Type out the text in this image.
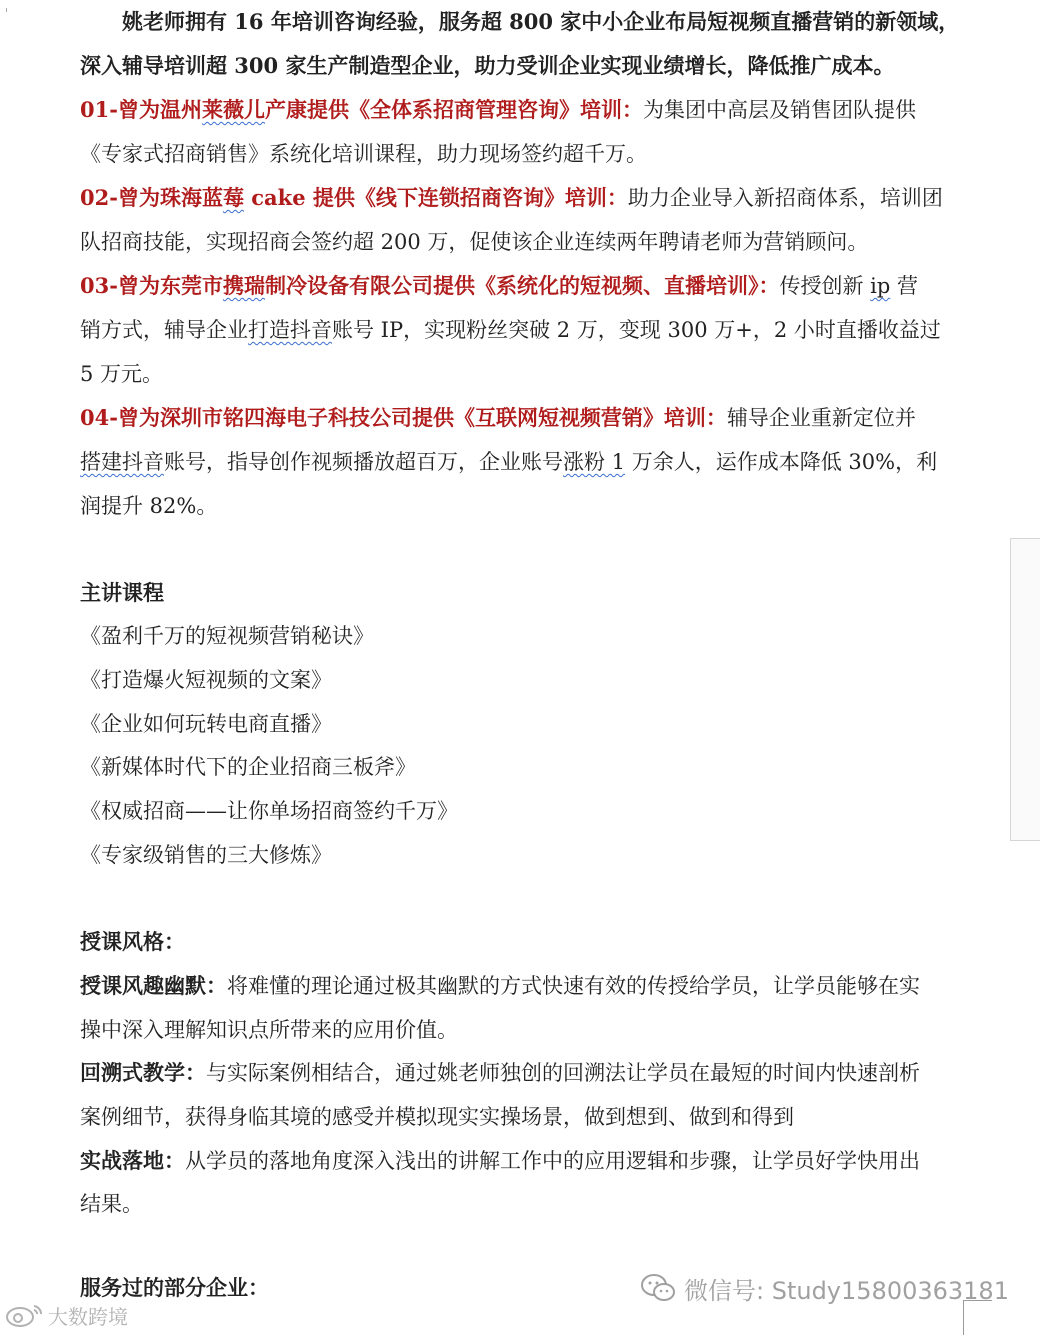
姚老师拥有 16 年培训咨询经验，服务超 800 家中小企业布局短视频直播营销的新领域，
深入辅导培训超 300 家生产制造型企业，助力受训企业实现业绩增长，降低推广成本。
01-曾为温州莱薇儿产康提供《全体系招商管理咨询》培训：为集团中高层及销售团队提供
《专家式招商销售》系统化培训课程，助力现场签约超千万。
02-曾为珠海蓝莓 cake 提供《线下连锁招商咨询》培训：助力企业导入新招商体系，培训团
队招商技能，实现招商会签约超 200 万，促使该企业连续两年聘请老师为营销顾问。
03-曾为东莞市携瑞制冷设备有限公司提供《系统化的短视频、直播培训》：传授创新 ip 营
销方式，辅导企业打造抖音账号 IP，实现粉丝突破 2 万，变现 300 万+，2 小时直播收益过
5 万元。
04-曾为深圳市铭四海电子科技公司提供《互联网短视频营销》培训：辅导企业重新定位并
搭建抖音账号，指导创作视频播放超百万，企业账号涨粉 1 万余人，运作成本降低 30%，利
润提升 82%。
主讲课程
《盈利千万的短视频营销秘诀》
《打造爆火短视频的文案》
《企业如何玩转电商直播》
《新媒体时代下的企业招商三板斧》
《权威招商——让你单场招商签约千万》
《专家级销售的三大修炼》
授课风格：
授课风趣幽默：将难懂的理论通过极其幽默的方式快速有效的传授给学员，让学员能够在实
操中深入理解知识点所带来的应用价值。
回溯式教学：与实际案例相结合，通过姚老师独创的回溯法让学员在最短的时间内快速剖析
案例细节，获得身临其境的感受并模拟现实实操场景，做到想到、做到和得到
实战落地：从学员的落地角度深入浅出的讲解工作中的应用逻辑和步骤，让学员好学快用出
结果。
服务过的部分企业：	微信号: Study15800363181
大数跨境
